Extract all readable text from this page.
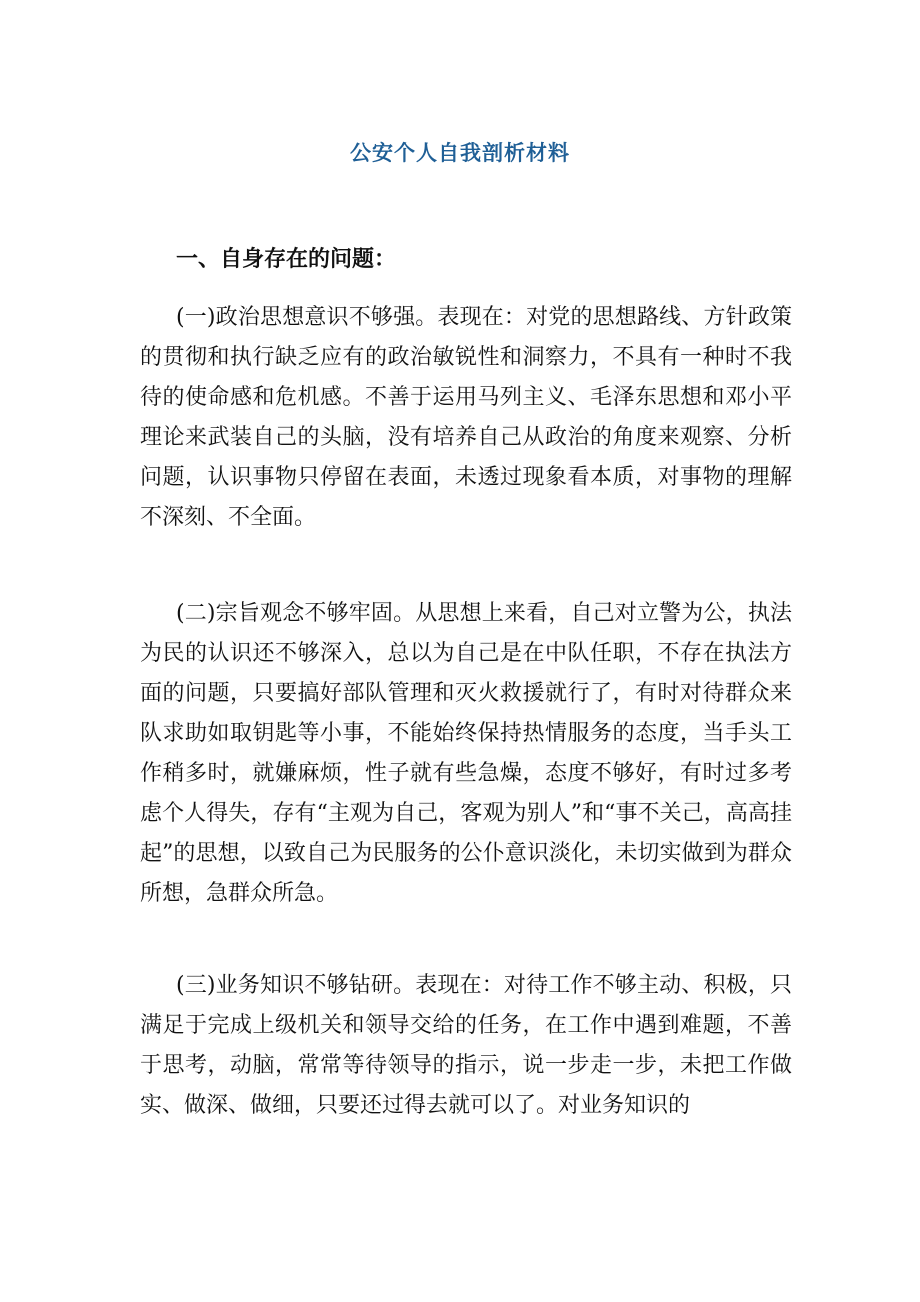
公安个人自我剖析材料
一、自身存在的问题：

(一)政治思想意识不够强。表现在：对党的思想路线、方针政策的贯彻和执行缺乏应有的政治敏锐性和洞察力，不具有一种时不我待的使命感和危机感。不善于运用马列主义、毛泽东思想和邓小平理论来武装自己的头脑，没有培养自己从政治的角度来观察、分析问题，认识事物只停留在表面，未透过现象看本质，对事物的理解不深刻、不全面。

(二)宗旨观念不够牢固。从思想上来看，自己对立警为公，执法为民的认识还不够深入，总以为自己是在中队任职，不存在执法方面的问题，只要搞好部队管理和灭火救援就行了，有时对待群众来队求助如取钥匙等小事，不能始终保持热情服务的态度，当手头工作稍多时，就嫌麻烦，性子就有些急燥，态度不够好，有时过多考虑个人得失，存有“主观为自己，客观为别人”和“事不关己，高高挂起”的思想，以致自己为民服务的公仆意识淡化，未切实做到为群众所想，急群众所急。

(三)业务知识不够钻研。表现在：对待工作不够主动、积极，只满足于完成上级机关和领导交给的任务，在工作中遇到难题，不善于思考，动脑，常常等待领导的指示，说一步走一步，未把工作做实、做深、做细，只要还过得去就可以了。对业务知识的
